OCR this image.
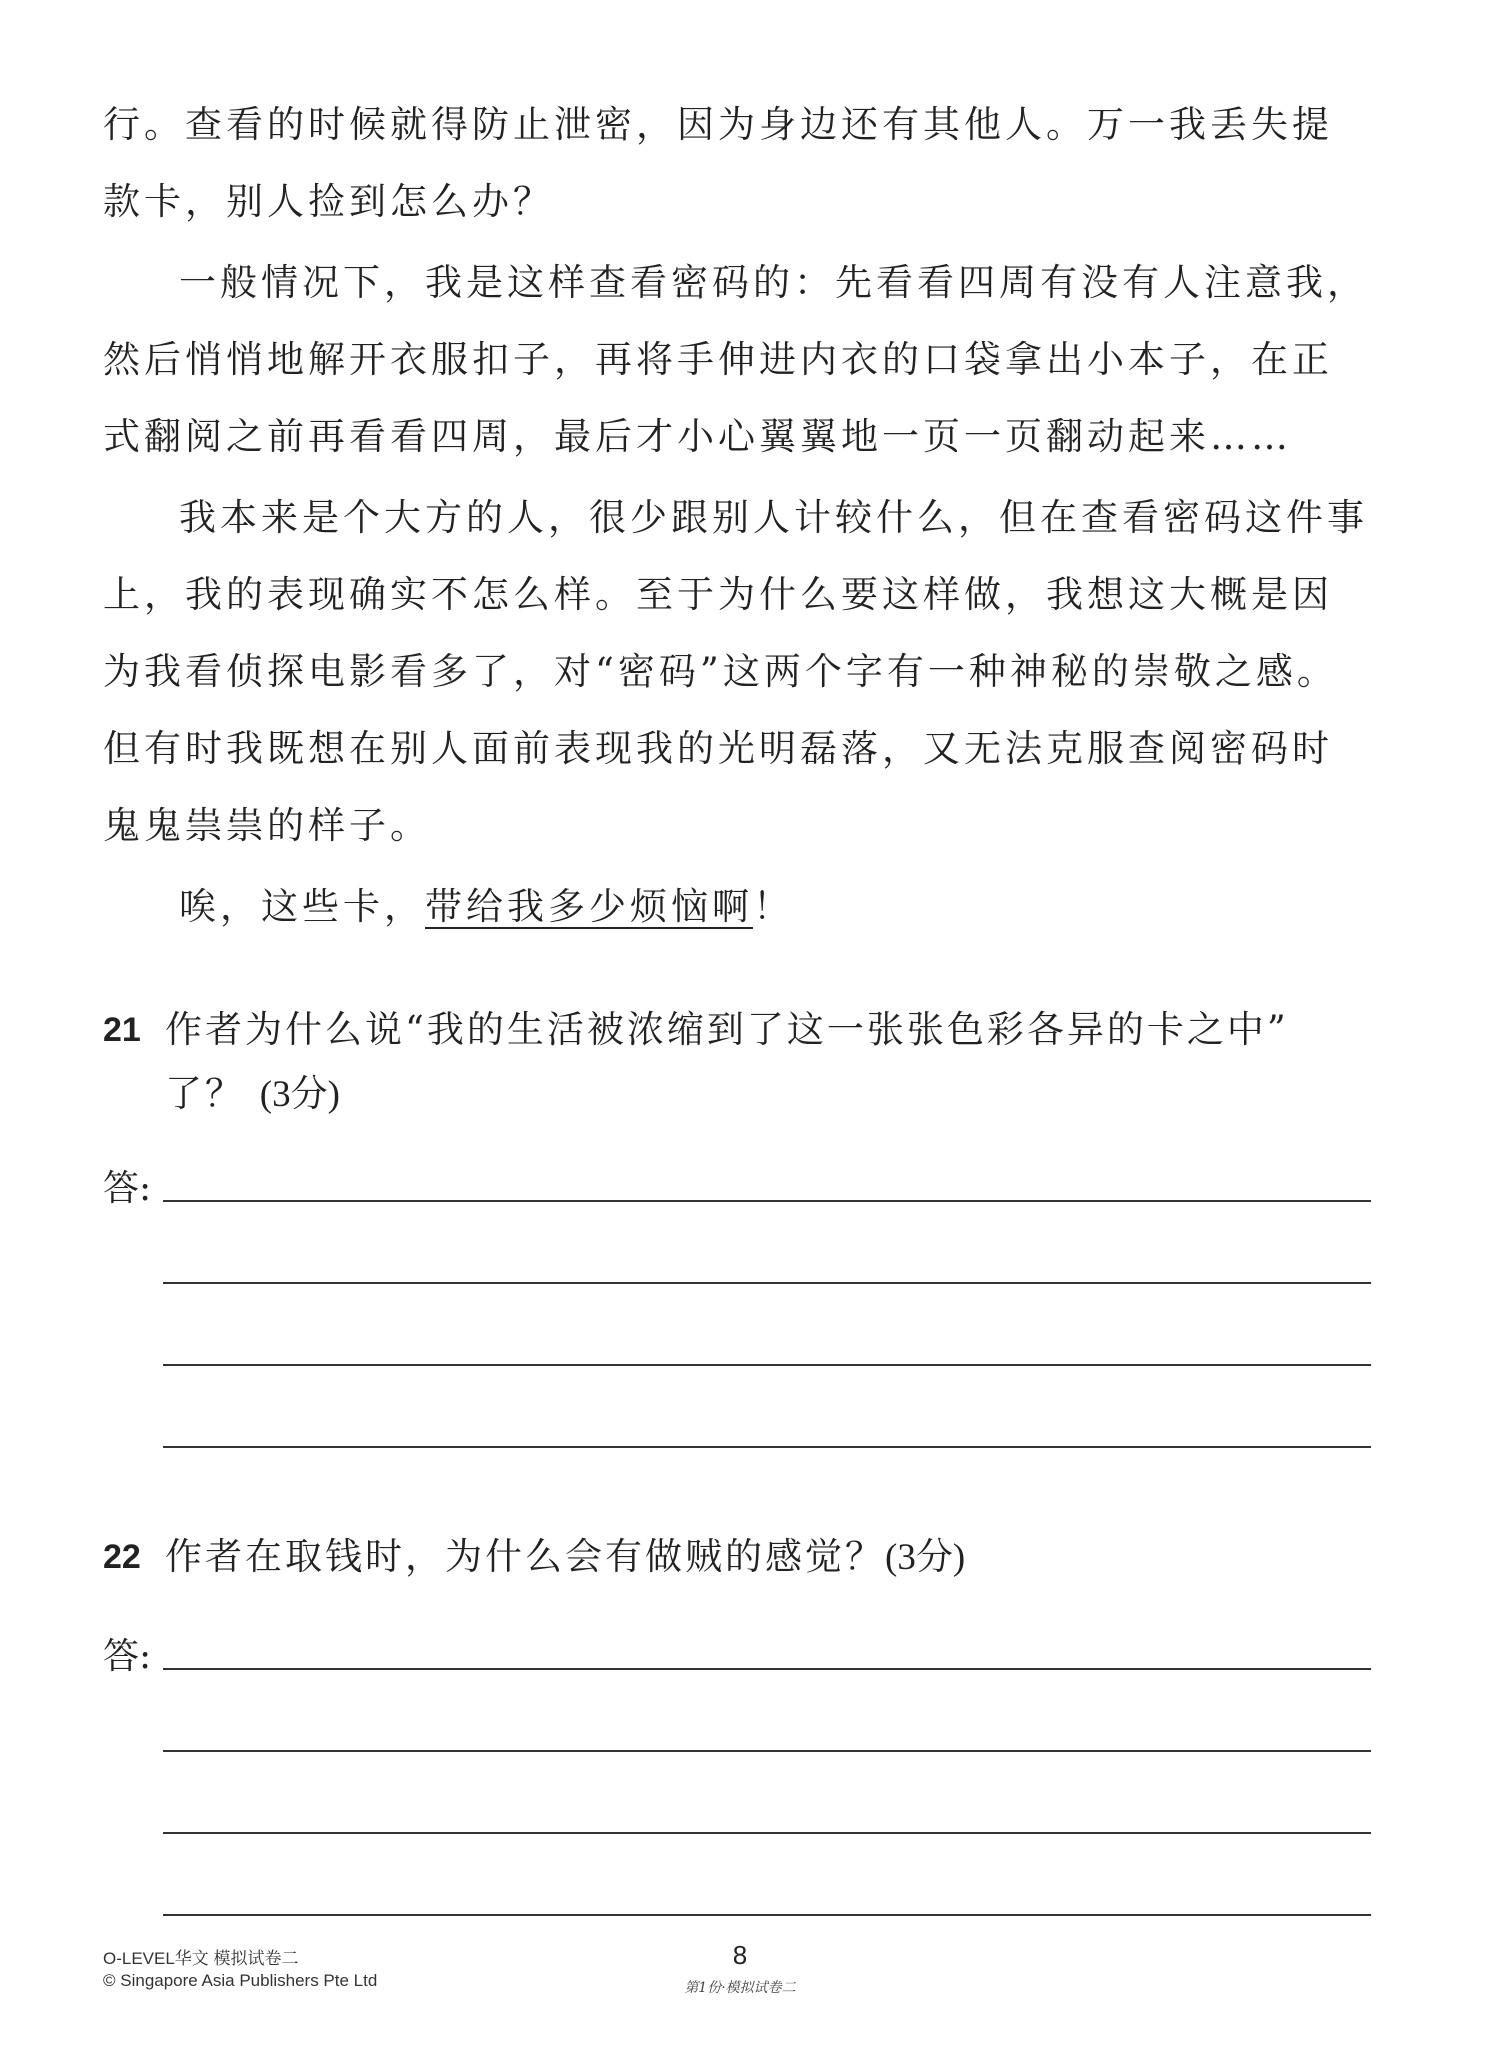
行。查看的时候就得防止泄密，因为身边还有其他人。万一我丢失提款卡，别人捡到怎么办？

一般情况下，我是这样查看密码的：先看看四周有没有人注意我，然后悄悄地解开衣服扣子，再将手伸进内衣的口袋拿出小本子，在正式翻阅之前再看看四周，最后才小心翼翼地一页一页翻动起来……

我本来是个大方的人，很少跟别人计较什么，但在查看密码这件事上，我的表现确实不怎么样。至于为什么要这样做，我想这大概是因为我看侦探电影看多了，对“密码”这两个字有一种神秘的崇敬之感。但有时我既想在别人面前表现我的光明磊落，又无法克服查阅密码时鬼鬼祟祟的样子。

唉，这些卡，带给我多少烦恼啊！

21 作者为什么说“我的生活被浓缩到了这一张张色彩各异的卡之中”
了？ (3分)
答:
22 作者在取钱时，为什么会有做贼的感觉？(3分)
答:
O-LEVEL华文 模拟试卷二
© Singapore Asia Publishers Pte Ltd
8
第1份·模拟试卷二
